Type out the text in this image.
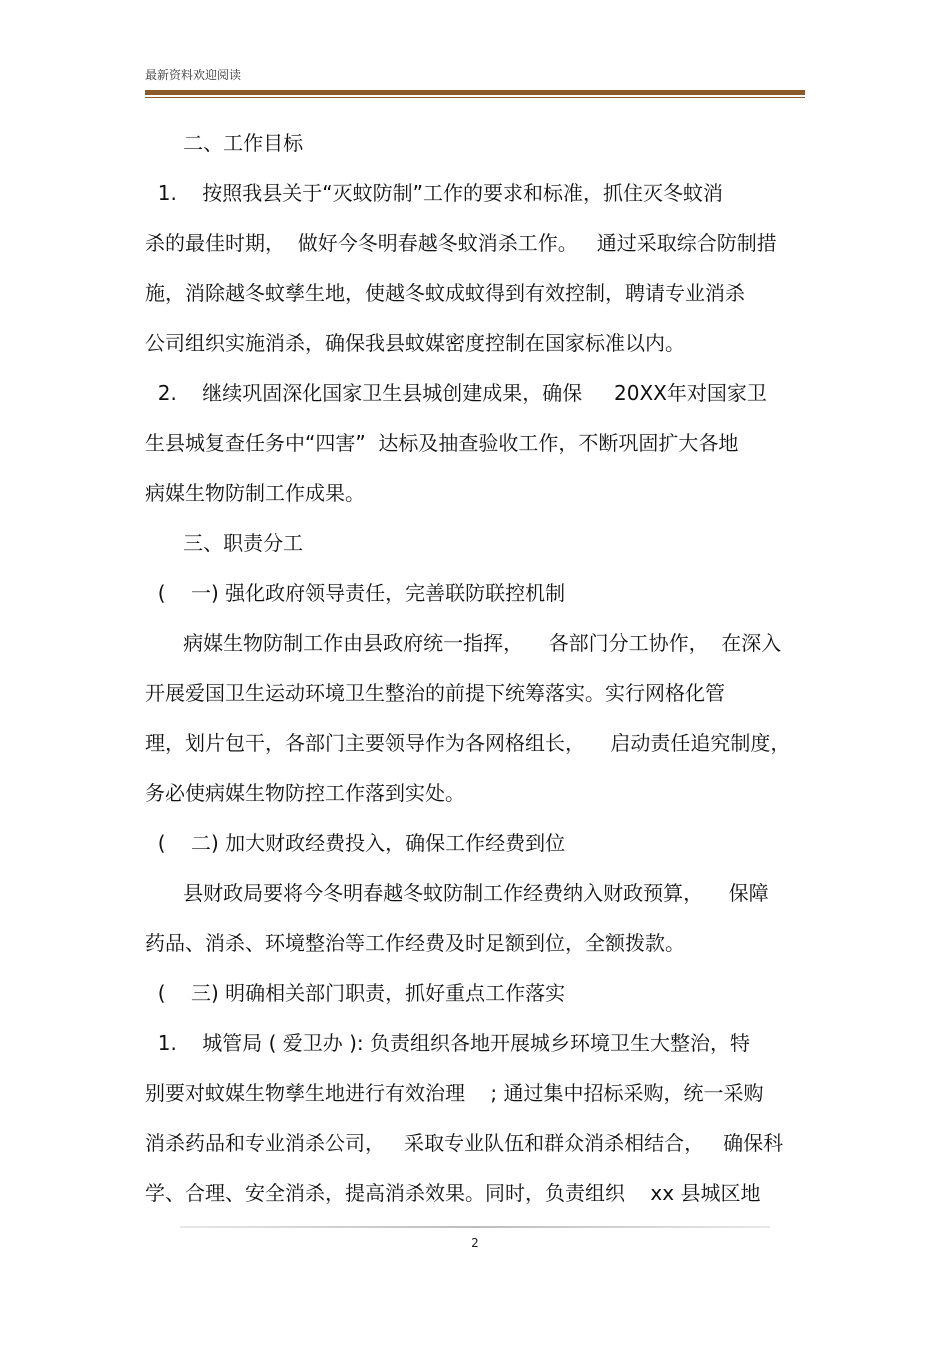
最新资料欢迎阅读
二、工作目标
1.    按照我县关于“灭蚊防制”工作的要求和标准，抓住灭冬蚊消
杀的最佳时期，  做好今冬明春越冬蚊消杀工作。   通过采取综合防制措
施，消除越冬蚊孳生地，使越冬蚊成蚊得到有效控制，聘请专业消杀
公司组织实施消杀，确保我县蚊媒密度控制在国家标准以内。
2.    继续巩固深化国家卫生县城创建成果，确保     20XX年对国家卫
生县城复查任务中“四害”  达标及抽查验收工作，不断巩固扩大各地
病媒生物防制工作成果。
三、职责分工
(    一) 强化政府领导责任，完善联防联控机制
病媒生物防制工作由县政府统一指挥，    各部门分工协作，  在深入
开展爱国卫生运动环境卫生整治的前提下统筹落实。实行网格化管
理，划片包干，各部门主要领导作为各网格组长，    启动责任追究制度，
务必使病媒生物防控工作落到实处。
(    二) 加大财政经费投入，确保工作经费到位
县财政局要将今冬明春越冬蚊防制工作经费纳入财政预算，    保障
药品、消杀、环境整治等工作经费及时足额到位，全额拨款。
(    三) 明确相关部门职责，抓好重点工作落实
1.    城管局 ( 爱卫办 ): 负责组织各地开展城乡环境卫生大整治，特
别要对蚊媒生物孳生地进行有效治理    ; 通过集中招标采购，统一采购
消杀药品和专业消杀公司，   采取专业队伍和群众消杀相结合，   确保科
学、合理、安全消杀，提高消杀效果。同时，负责组织    xx 县城区地
2
